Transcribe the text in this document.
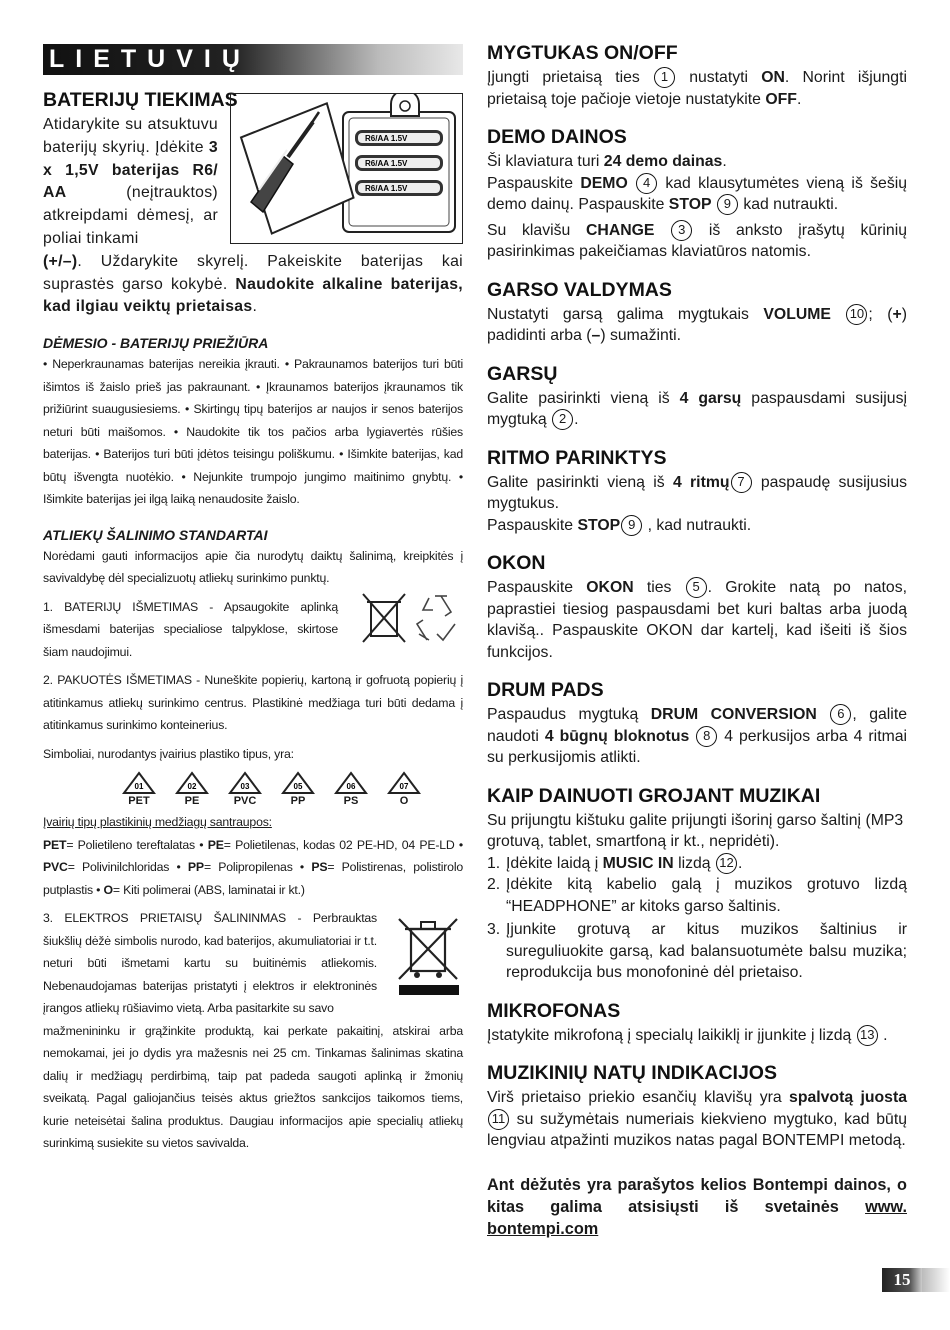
LIETUVIŲ
BATERIJŲ TIEKIMAS
R6/AA 1.5V
R6/AA 1.5V
R6/AA 1.5V
Atidarykite su atsuktuvu baterijų skyrių. Įdėkite 3 x 1,5V baterijas R6/ AA	(neįtrauktos) atkreipdami dėmesį, ar poliai tinkami
(+/–). Uždarykite skyrelį. Pakeiskite baterijas kai suprastės garso kokybė. Naudokite alkaline baterijas, kad ilgiau veiktų prietaisas.
DĖMESIO - BATERIJŲ PRIEŽIŪRA
• Neperkraunamas baterijas nereikia įkrauti. • Pakraunamos baterijos turi būti išimtos iš žaislo prieš jas pakraunant. • Įkraunamos baterijos įkraunamos tik prižiūrint suaugusiesiems. • Skirtingų tipų baterijos ar naujos ir senos baterijos neturi būti maišomos. • Naudokite tik tos pačios arba lygiavertės rūšies baterijas. • Baterijos turi būti įdėtos teisingu poliškumu. • Išimkite baterijas, kad būtų išvengta nuotėkio. • Nejunkite trumpojo jungimo maitinimo gnybtų. • Išimkite baterijas jei ilgą laiką nenaudosite žaislo.
ATLIEKŲ ŠALINIMO STANDARTAI
Norėdami gauti informacijos apie čia nurodytų daiktų šalinimą, kreipkitės į savivaldybę dėl specializuotų atliekų surinkimo punktų.
1. BATERIJŲ IŠMETIMAS - Apsaugokite aplinką išmesdami baterijas specialiose talpyklose, skirtose šiam naudojimui.
2. PAKUOTĖS IŠMETIMAS - Nuneškite popierių, kartoną ir gofruotą popierių į atitinkamus atliekų surinkimo centrus. Plastikinė medžiaga turi būti dedama į atitinkamus surinkimo konteinerius.
Simboliai, nurodantys įvairius plastiko tipus, yra:
01
PET
02
PE
03
PVC
05
PP
06
PS
07
O
Įvairių tipų plastikinių medžiagų santraupos:
PET= Polietileno tereftalatas • PE= Polietilenas, kodas 02 PE-HD, 04 PE-LD • PVC= Polivinilchloridas • PP= Polipropilenas • PS= Polistirenas, polistirolo putplastis • O= Kiti polimerai (ABS, laminatai ir kt.)
3. ELEKTROS PRIETAISŲ ŠALININMAS - Perbrauktas šiukšlių dėžė simbolis nurodo, kad baterijos, akumuliatoriai ir t.t. neturi būti išmetami kartu su buitinėmis atliekomis. Nebenaudojamas baterijas pristatyti į elektros ir elektroninės įrangos atliekų rūšiavimo vietą. Arba pasitarkite su savo
mažmenininku ir grąžinkite produktą, kai perkate pakaitinį, atskirai arba nemokamai, jei jo dydis yra mažesnis nei 25 cm. Tinkamas šalinimas skatina dalių ir medžiagų perdirbimą, taip pat padeda saugoti aplinką ir žmonių sveikatą. Pagal galiojančius teisės aktus griežtos sankcijos taikomos tiems, kurie neteisėtai šalina produktus. Daugiau informacijos apie specialių atliekų surinkimą susiekite su vietos savivalda.
MYGTUKAS ON/OFF
Įjungti prietaisą ties 1 nustatyti ON. Norint išjungti prietaisą toje pačioje vietoje nustatykite OFF.
DEMO DAINOS
Ši klaviatura turi 24 demo dainas.
Paspauskite DEMO 4 kad klausytumėtes vieną iš šešių demo dainų. Paspauskite STOP 9 kad nutraukti.
Su klavišu CHANGE 3 iš anksto įrašytų kūrinių pasirinkimas pakeičiamas klaviatūros natomis.
GARSO VALDYMAS
Nustatyti garsą galima mygtukais VOLUME 10 ; (+) padidinti arba (–) sumažinti.
GARSŲ
Galite pasirinkti vieną iš 4 garsų paspausdami susijusį mygtuką 2 .
RITMO PARINKTYS
Galite pasirinkti vieną iš 4 ritmų 7 paspaudę susijusius mygtukus.
Paspauskite STOP 9 , kad nutraukti.
OKON
Paspauskite OKON ties 5 . Grokite natą po natos, paprastiei tiesiog paspausdami bet kuri baltas arba juodą klavišą.. Paspauskite OKON dar kartelį, kad išeiti iš šios funkcijos.
DRUM PADS
Paspaudus mygtuką DRUM CONVERSION 6 , galite naudoti 4 būgnų bloknotus 8 4 perkusijos arba 4 ritmai su perkusijomis atlikti.
KAIP DAINUOTI GROJANT MUZIKAI
Su prijungtu kištuku galite prijungti išorinį garso šaltinį (MP3 grotuvą, tablet, smartfoną ir kt., nepridėti).
1. Įdėkite laidą į MUSIC IN lizdą 12 .
2. Įdėkite kitą kabelio galą į muzikos grotuvo lizdą “HEADPHONE” ar kitoks garso šaltinis.
3. Įjunkite grotuvą ar kitus muzikos šaltinius ir sureguliuokite garsą, kad balansuotumėte balsu muzika; reprodukcija bus monofoninė dėl prietaiso.
MIKROFONAS
Įstatykite mikrofoną į specialų laikiklį ir įjunkite į lizdą 13 .
MUZIKINIŲ NATŲ INDIKACIJOS
Virš prietaiso priekio esančių klavišų yra spalvotą juosta 11 su sužymėtais numeriais kiekvieno mygtuko, kad būtų lengviau atpažinti muzikos natas pagal BONTEMPI metodą.
Ant dėžutės yra parašytos kelios Bontempi dainos, o kitas galima atsisiųsti iš svetainės www. bontempi.com
15
